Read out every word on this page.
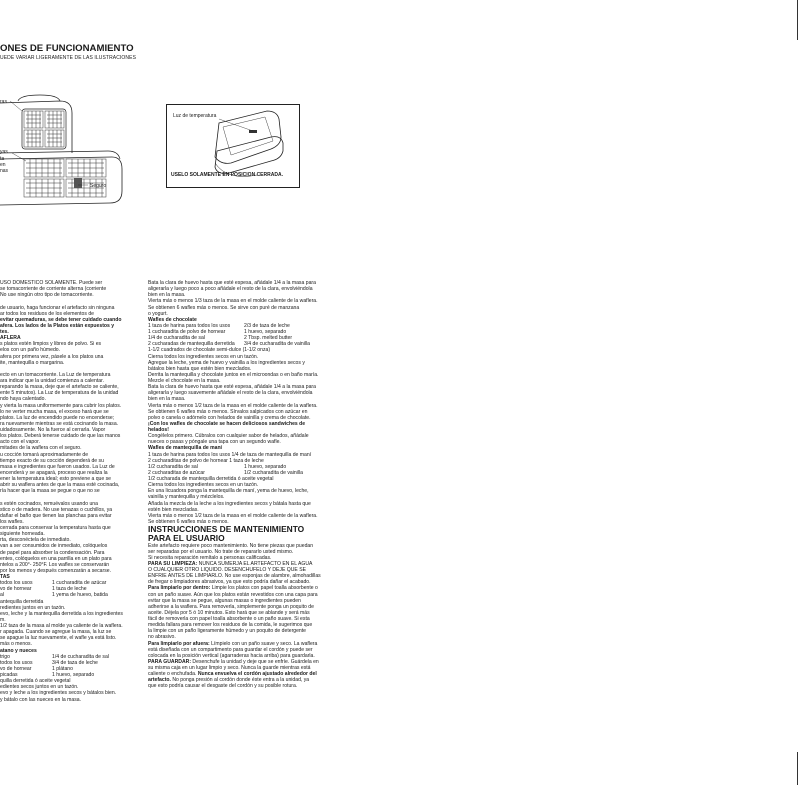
ONES DE FUNCIONAMIENTO
UEDE VARIAR LIGERAMENTE DE LAS ILUSTRACIONES
ras
yas
ta
en
nas
Seguro
Luz de temperatura
USELO SOLAMENTE EN POSICION CERRADA.

USO DOMESTICO SOLAMENTE. Puede ser

se tomacorriente de corriente alterna (corriente

No use ningún otro tipo de tomacorriente.

de usuario, haga funcionar el artefacto sin ninguna

ar todos los residuos de los elementos de

evitar quemaduras, se debe tener cuidado cuando

afera. Los lados de la Platos están expuestos y

tes.

AFLERA

s platos estén limpios y libres de polvo. Si es

elos con un paño húmedo.

afera por primera vez, pásele a los platos una

ite, mantequilla o margarina.

ecto en un tomacorriente. La Luz de temperatura

ara indicar que la unidad comienza a calentar.

reparando la masa, deje que el artefacto se caliente,

ente 5 minutos). La Luz de temperatura de la unidad

ndo haya calentado.

y vierta la masa uniformemente para cubrir los platos.

lo ne verter mucha masa, el exceso hará que se

platos. La luz de encendido puede no encenderse;

ra nuevamente mientras se está cocinando la masa.

uidadosamente. No la fuerce al cerrarla. Vapor

los platos. Deberá tenerse cuidado de que las manos

acto con el vapor.

mitades de la waflera con el seguro.

u cocción tomará aproximadamente de

tiempo exacto de su cocción dependerá de su

masa e ingredientes que fueron usados. La Luz de

encenderá y se apagará, proceso que realiza la

ener la temperatura ideal; esto previene a que se

abrir su waflera antes de que la masa esté cocinada,

ría hacer que la masa se pegue o que no se

s estén cocinados, remuévalos usando una

stico o de madera. No use tenazas o cuchillos, ya

dañar el baño que tienen las planchas para evitar

los wafles.

cerrada para conservar la temperatura hasta que

siguiente horneada.

rta, desconéctela de inmediato.

van a ser consumidos de inmediato, colóquelos

de papel para absorber la condensación. Para

entes, colóquelos en una parrilla en un plato para

ntelos a 200°- 250°F. Los wafles se conservarán

por los menos y después comenzarán a secarse.

TAS

todos los usos	1 cucharadita de azúcar

vo de hornear	1 taza de leche

al	1 yema de huevo, batida

antequilla derretida

redientes juntos en un tazón.

evo, leche y la mantequilla derretida a los ingredientes

m.

1/2 taza de la masa al molde ya caliente de la waflera.

r apagada. Cuando se agregue la masa, la luz se

se apague la luz nuevamente, el wafle ya está listo.

más o menos.

atano y nueces

trigo	1/4 de cucharadita de sal

todos los usos	3/4 de taza de leche

vo de hornear	1 plátano

picadas	1 huevo, separado

quilla derretida ó aceite vegetal

edientes secos juntos en un tazón.

evo y leche a los ingredientes secos y bátalos bien.

y bátalo con las nueces en la masa.

Bata la clara de huevo hasta que esté espesa, añádale 1/4 a la masa para

aligerarla y luego poco a poco añádale el resto de la clara, envolviéndola

bien en la masa.

Vierta más o menos 1/3 taza de la masa en el molde caliente de la waflera.

Se obtienen 6 wafles más o menos. Se sirve con puré de manzana

o yogurt.

Wafles de chocolate

1 taza de harina para todos los usos	2/3 de taza de leche

1 cucharadita de polvo de hornear	1 huevo, separado

1/4 de cucharadita de sal	2 Tbsp. melted butter

2 cucharadas de mantequilla derretida 3/4 de cucharadita de vainilla

1-1/2 cuadrados de chocolate semi-dulce (1-1/2 onza)

Cierna todos los ingredientes secos en un tazón.

Agregue la leche, yema de huevo y vainilla a los ingredientes secos y

bátalos bien hasta que estén bien mezclados.

Derrita la mantequilla y chocolate juntos en el microondas o en baño maría.

Mezcle el chocolate en la masa.

Bata la clara de huevo hasta que esté espesa, añádale 1/4 a la masa para

aligerarla y luego suavemente añádale el resto de la clara, envolviéndola

bien en la masa.

Vierta más o menos 1/2 taza de la masa en el molde caliente de la waflera.

Se obtienen 6 wafles más o menos. Sírvalos salpicados con azúcar en

polvo o canela o adórnelo con helados de vainilla y crema de chocolate.

¡Con los wafles de chocolate se hacen deliciosos sandwiches de

helados!

Congélelos primero. Cúbralos con cualquier sabor de helados, añádale

nueces o pasas y póngale una tapa con un segundo wafle.

Wafles de mantequilla de maní

1 taza de harina para todos los usos 1/4 de taza de mantequilla de maní

2 cucharaditas de polvo de hornear 1 taza de leche

1/2 cucharadita de sal	1 huevo, separado

2 cucharaditas de azúcar	1/2 cucharadita de vainilla

1/2 cucharada de mantequilla derretida ó aceite vegetal

Cierna todos los ingredientes secos en un tazón.

En una licuadora ponga la mantequilla de maní, yema de huevo, leche,

vainilla y mantequilla y mézclelos.

Añada la mezcla de la leche a los ingredientes secos y bátala hasta que

estén bien mezcladas.

Vierta más o menos 1/2 taza de la masa en el molde caliente de la waflera.

Se obtienen 6 wafles más o menos.

INSTRUCCIONES DE MANTENIMIENTO

PARA EL USUARIO

Este artefacto requiere poco mantenimiento. No tiene piezas que puedan

ser reparadas por el usuario. No trate de repararlo usted mismo.

Si necesita reparación remítalo a personas calificadas.

PARA SU LIMPIEZA: NUNCA SUMERJA EL ARTEFACTO EN EL AGUA

O CUALQUIER OTRO LIQUIDO. DESENCHUFELO Y DEJE QUE SE

ENFRIE ANTES DE LIMPIARLO. No use esponjas de alambre, almohadillas

de fregar o limpiadores abrasivos, ya que esto podría dañar el acabado.

Para limpiarlo por dentro: Limpie los platos con papel toalla absorbente o

con un paño suave. Aún que los platos están revestidos con una capa para

evitar que la masa se pegue, algunas masas o ingredientes pueden

adherirse a la waflera. Para removerla, simplemente ponga un poquito de

aceite. Déjela por 5 ó 10 minutos. Esto hará que se ablande y será más

fácil de removerla con papel toalla absorbente o un paño suave. Si esta

medida fallara para remover los residuos de la comida, le sugerimos que

la limpie con un paño ligeramente húmedo y un poquito de detergente

no abrasivo.

Para limpiarlo por afuera: Límpielo con un paño suave y seco. La waflera

está diseñada con un compartimento para guardar el cordón y puede ser

colocada en la posición vertical (agarraderas hacia arriba) para guardarla.

PARA GUARDAR: Desenchufe la unidad y deje que se enfríe. Guárdela en

su misma caja en un lugar limpio y seco. Nunca la guarde mientras está

caliente o enchufada. Nunca envuelva el cordón ajustado alrededor del

artefacto. No ponga presión al cordón donde éste entra a la unidad, ya

que esto podría causar el desgaste del cordón y su posible rotura.
